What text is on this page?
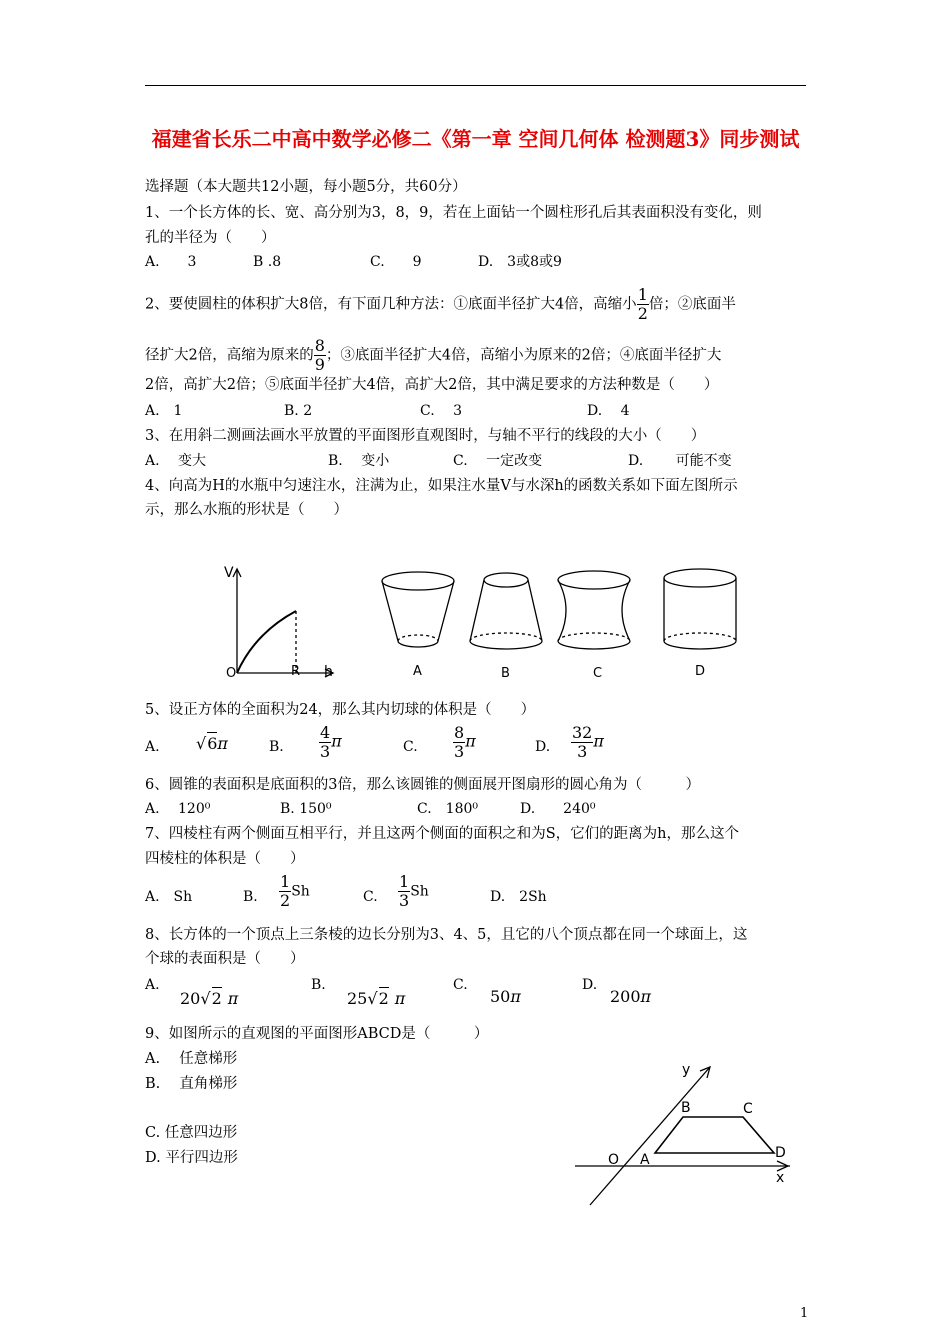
福建省长乐二中高中数学必修二《第一章 空间几何体 检测题3》同步测试
选择题（本大题共12小题，每小题5分，共60分）
1、一个长方体的长、宽、高分别为3，8，9，若在上面钻一个圆柱形孔后其表面积没有变化，则
孔的半径为（　　）
A.　　3	B .8	C.　　9	D.　3或8或9
2、要使圆柱的体积扩大8倍，有下面几种方法：①底面半径扩大4倍，高缩小 $\frac{1}{2}$ 倍；②底面半
径扩大2倍，高缩为原来的 $\frac{8}{9}$ ；③底面半径扩大4倍，高缩小为原来的2倍；④底面半径扩大
2倍，高扩大2倍；⑤底面半径扩大4倍，高扩大2倍，其中满足要求的方法种数是（　　）
A.　1	B. 2	C.　 3	D.　 4
3、在用斜二测画法画水平放置的平面图形直观图时，与轴不平行的线段的大小（　　）
A.　 变大	B.　 变小	C.　 一定改变	D.　　 可能不变
4、向高为H的水瓶中匀速注水，注满为止，如果注水量V与水深h的函数关系如下面左图所示
示，那么水瓶的形状是（　　）
V
O	R h	A	B	C	D
5、设正方体的全面积为24，那么其内切球的体积是（　　）
A. √6π	B. $\frac{4}{3}$ π	C. $\frac{8}{3}$ π	D. $\frac{32}{3}$ π
6、圆锥的表面积是底面积的3倍，那么该圆锥的侧面展开图扇形的圆心角为（　　　）
A.　 120⁰	B. 150⁰	C.　180⁰	D.　　240⁰
7、四棱柱有两个侧面互相平行，并且这两个侧面的面积之和为S，它们的距离为h，那么这个
四棱柱的体积是（　　）
A.　Sh	B. $\frac{1}{2}$ Sh	C. $\frac{1}{3}$ Sh	D.　2Sh
8、长方体的一个顶点上三条棱的边长分别为3、4、5，且它的八个顶点都在同一个球面上，这
个球的表面积是（　　）
A.
20√2 π
B.
25√2 π
C.
50π
D.
200π
9、如图所示的直观图的平面图形ABCD是（　　　）
A.　 任意梯形
B.　 直角梯形
C. 任意四边形
D. 平行四边形
y
x
O A
B	C
D
1
